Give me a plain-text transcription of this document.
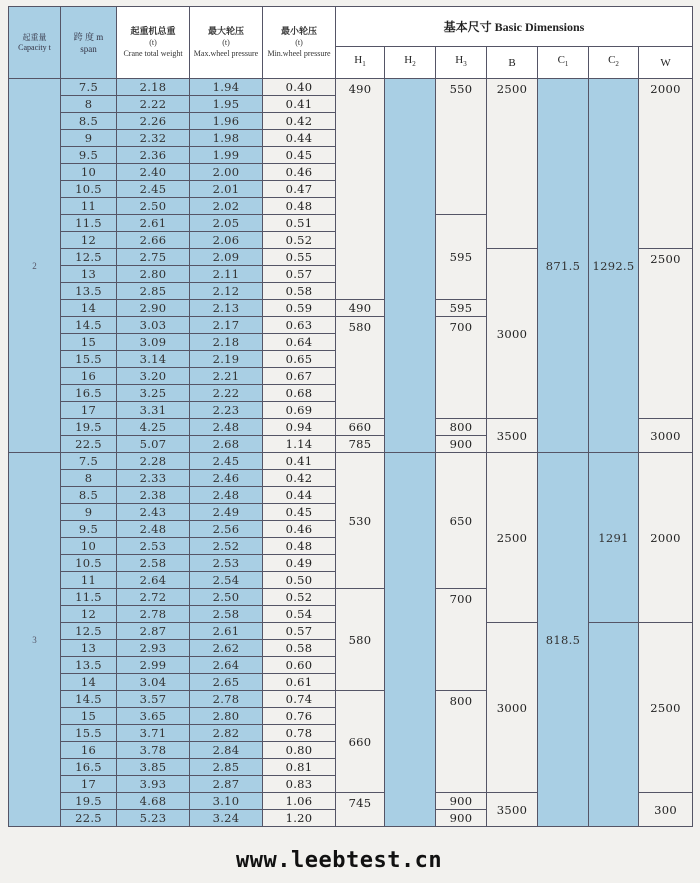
起重量 Capacity t	跨 度 m
span	起重机总重
(t)
Crane total weight	最大轮压
(t)
Max.wheel pressure	最小轮压
(t)
Min.wheel pressure	基本尺寸 Basic Dimensions						
					$H_1$	$H_2$	$H_3$	B	$C_1$	$C_2$	W
2	7.5	2.18	1.94	0.40	490		550	2500	871.5	1292.5	2000
	8	2.22	1.95	0.41							
	8.5	2.26	1.96	0.42							
	9	2.32	1.98	0.44							
	9.5	2.36	1.99	0.45							
	10	2.40	2.00	0.46							
	10.5	2.45	2.01	0.47							
	11	2.50	2.02	0.48							
	11.5	2.61	2.05	0.51			595				
	12	2.66	2.06	0.52							
	12.5	2.75	2.09	0.55				3000			2500
	13	2.80	2.11	0.57							
	13.5	2.85	2.12	0.58							
	14	2.90	2.13	0.59	490		595				
	14.5	3.03	2.17	0.63	580		700				
	15	3.09	2.18	0.64							
	15.5	3.14	2.19	0.65							
	16	3.20	2.21	0.67							
	16.5	3.25	2.22	0.68							
	17	3.31	2.23	0.69							
	19.5	4.25	2.48	0.94	660		800	3500			3000
	22.5	5.07	2.68	1.14	785		900				
3	7.5	2.28	2.45	0.41	530		650	2500	818.5	1291	2000
	8	2.33	2.46	0.42							
	8.5	2.38	2.48	0.44							
	9	2.43	2.49	0.45							
	9.5	2.48	2.56	0.46							
	10	2.53	2.52	0.48							
	10.5	2.58	2.53	0.49							
	11	2.64	2.54	0.50							
	11.5	2.72	2.50	0.52	580		700				
	12	2.78	2.58	0.54							
	12.5	2.87	2.61	0.57				3000			2500
	13	2.93	2.62	0.58							
	13.5	2.99	2.64	0.60							
	14	3.04	2.65	0.61							
	14.5	3.57	2.78	0.74	660		800				
	15	3.65	2.80	0.76							
	15.5	3.71	2.82	0.78							
	16	3.78	2.84	0.80							
	16.5	3.85	2.85	0.81							
	17	3.93	2.87	0.83							
	19.5	4.68	3.10	1.06	745		900	3500			300
	22.5	5.23	3.24	1.20			900				
www.leebtest.cn
